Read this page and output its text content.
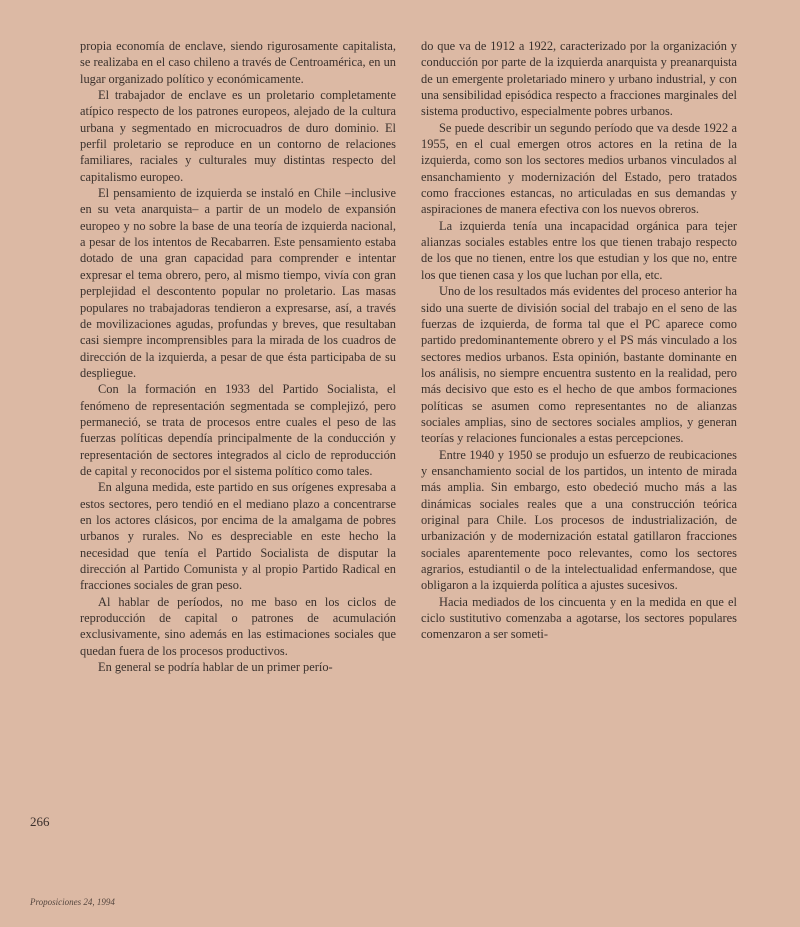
propia economía de enclave, siendo rigurosamente capitalista, se realizaba en el caso chileno a través de Centroamérica, en un lugar organizado político y económicamente.

El trabajador de enclave es un proletario completamente atípico respecto de los patrones europeos, alejado de la cultura urbana y segmentado en microcuadros de duro dominio. El perfil proletario se reproduce en un contorno de relaciones familiares, raciales y culturales muy distintas respecto del capitalismo europeo.

El pensamiento de izquierda se instaló en Chile –inclusive en su veta anarquista– a partir de un modelo de expansión europeo y no sobre la base de una teoría de izquierda nacional, a pesar de los intentos de Recabarren. Este pensamiento estaba dotado de una gran capacidad para comprender e intentar expresar el tema obrero, pero, al mismo tiempo, vivía con gran perplejidad el descontento popular no proletario. Las masas populares no trabajadoras tendieron a expresarse, así, a través de movilizaciones agudas, profundas y breves, que resultaban casi siempre incomprensibles para la mirada de los cuadros de dirección de la izquierda, a pesar de que ésta participaba de su despliegue.

Con la formación en 1933 del Partido Socialista, el fenómeno de representación segmentada se complejizó, pero permaneció, se trata de procesos entre cuales el peso de las fuerzas políticas dependía principalmente de la conducción y representación de sectores integrados al ciclo de reproducción de capital y reconocidos por el sistema político como tales.

En alguna medida, este partido en sus orígenes expresaba a estos sectores, pero tendió en el mediano plazo a concentrarse en los actores clásicos, por encima de la amalgama de pobres urbanos y rurales. No es despreciable en este hecho la necesidad que tenía el Partido Socialista de disputar la dirección al Partido Comunista y al propio Partido Radical en fracciones sociales de gran peso.

Al hablar de períodos, no me baso en los ciclos de reproducción de capital o patrones de acumulación exclusivamente, sino además en las estimaciones sociales que quedan fuera de los procesos productivos.

En general se podría hablar de un primer perío-

do que va de 1912 a 1922, caracterizado por la organización y conducción por parte de la izquierda anarquista y preanarquista de un emergente proletariado minero y urbano industrial, y con una sensibilidad episódica respecto a fracciones marginales del sistema productivo, especialmente pobres urbanos.

Se puede describir un segundo período que va desde 1922 a 1955, en el cual emergen otros actores en la retina de la izquierda, como son los sectores medios urbanos vinculados al ensanchamiento y modernización del Estado, pero tratados como fracciones estancas, no articuladas en sus demandas y aspiraciones de manera efectiva con los nuevos obreros.

La izquierda tenía una incapacidad orgánica para tejer alianzas sociales estables entre los que tienen trabajo respecto de los que no tienen, entre los que estudian y los que no, entre los que tienen casa y los que luchan por ella, etc.

Uno de los resultados más evidentes del proceso anterior ha sido una suerte de división social del trabajo en el seno de las fuerzas de izquierda, de forma tal que el PC aparece como partido predominantemente obrero y el PS más vinculado a los sectores medios urbanos. Esta opinión, bastante dominante en los análisis, no siempre encuentra sustento en la realidad, pero más decisivo que esto es el hecho de que ambos formaciones políticas se asumen como representantes no de alianzas sociales amplias, sino de sectores sociales amplios, y generan teorías y relaciones funcionales a estas percepciones.

Entre 1940 y 1950 se produjo un esfuerzo de reubicaciones y ensanchamiento social de los partidos, un intento de mirada más amplia. Sin embargo, esto obedeció mucho más a las dinámicas sociales reales que a una construcción teórica original para Chile. Los procesos de industrialización, de urbanización y de modernización estatal gatillaron fracciones sociales aparentemente poco relevantes, como los sectores agrarios, estudiantil o de la intelectualidad enfermandose, que obligaron a la izquierda política a ajustes sucesivos.

Hacia mediados de los cincuenta y en la medida en que el ciclo sustitutivo comenzaba a agotarse, los sectores populares comenzaron a ser someti-

266
Proposiciones 24, 1994
